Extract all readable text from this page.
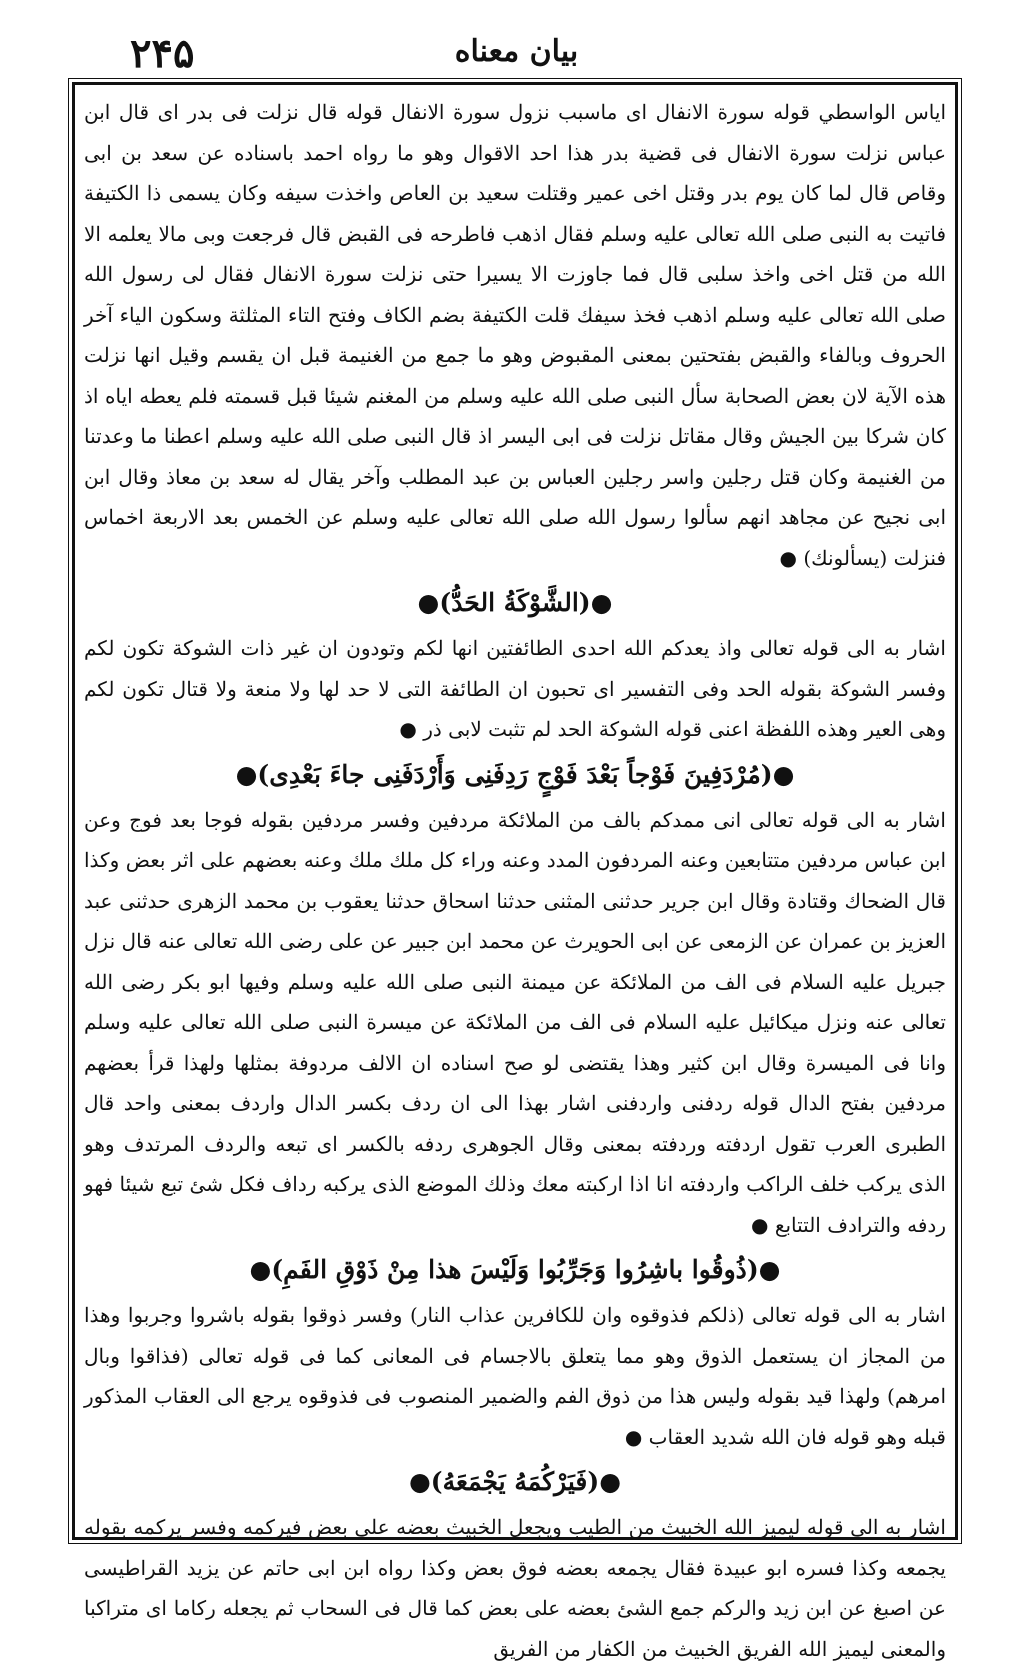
۲۴۵	بيان معناه

اياس الواسطي قوله سورة الانفال اى ماسبب نزول سورة الانفال قوله قال نزلت فى بدر اى قال ابن عباس نزلت سورة الانفال فى قضية بدر هذا احد الاقوال وهو ما رواه احمد باسناده عن سعد بن ابى وقاص قال لما كان يوم بدر وقتل اخى عمير وقتلت سعيد بن العاص واخذت سيفه وكان يسمى ذا الكتيفة فاتيت به النبى صلى الله تعالى عليه وسلم فقال اذهب فاطرحه فى القبض قال فرجعت وبى مالا يعلمه الا الله من قتل اخى واخذ سلبى قال فما جاوزت الا يسيرا حتى نزلت سورة الانفال فقال لى رسول الله صلى الله تعالى عليه وسلم اذهب فخذ سيفك قلت الكتيفة بضم الكاف وفتح التاء المثلثة وسكون الياء آخر الحروف وبالفاء والقبض بفتحتين بمعنى المقبوض وهو ما جمع من الغنيمة قبل ان يقسم وقيل انها نزلت هذه الآية لان بعض الصحابة سأل النبى صلى الله عليه وسلم من المغنم شيئا قبل قسمته فلم يعطه اياه اذ كان شركا بين الجيش وقال مقاتل نزلت فى ابى اليسر اذ قال النبى صلى الله عليه وسلم اعطنا ما وعدتنا من الغنيمة وكان قتل رجلين واسر رجلين العباس بن عبد المطلب وآخر يقال له سعد بن معاذ وقال ابن ابى نجيح عن مجاهد انهم سألوا رسول الله صلى الله تعالى عليه وسلم عن الخمس بعد الاربعة اخماس فنزلت (يسألونك) ●

●(الشَّوْكَةُ الحَدُّ)●

اشار به الى قوله تعالى واذ يعدكم الله احدى الطائفتين انها لكم وتودون ان غير ذات الشوكة تكون لكم وفسر الشوكة بقوله الحد وفى التفسير اى تحبون ان الطائفة التى لا حد لها ولا منعة ولا قتال تكون لكم وهى العير وهذه اللفظة اعنى قوله الشوكة الحد لم تثبت لابى ذر ●

●(مُرْدَفِينَ فَوْجاً بَعْدَ فَوْجٍ رَدِفَنِى وَأَرْدَفَنِى جاءَ بَعْدِى)●

اشار به الى قوله تعالى انى ممدكم بالف من الملائكة مردفين وفسر مردفين بقوله فوجا بعد فوج وعن ابن عباس مردفين متتابعين وعنه المردفون المدد وعنه وراء كل ملك ملك وعنه بعضهم على اثر بعض وكذا قال الضحاك وقتادة وقال ابن جرير حدثنى المثنى حدثنا اسحاق حدثنا يعقوب بن محمد الزهرى حدثنى عبد العزيز بن عمران عن الزمعى عن ابى الحويرث عن محمد ابن جبير عن على رضى الله تعالى عنه قال نزل جبريل عليه السلام فى الف من الملائكة عن ميمنة النبى صلى الله عليه وسلم وفيها ابو بكر رضى الله تعالى عنه ونزل ميكائيل عليه السلام فى الف من الملائكة عن ميسرة النبى صلى الله تعالى عليه وسلم وانا فى الميسرة وقال ابن كثير وهذا يقتضى لو صح اسناده ان الالف مردوفة بمثلها ولهذا قرأ بعضهم مردفين بفتح الدال قوله ردفنى واردفنى اشار بهذا الى ان ردف بكسر الدال واردف بمعنى واحد قال الطبرى العرب تقول اردفته وردفته بمعنى وقال الجوهرى ردفه بالكسر اى تبعه والردف المرتدف وهو الذى يركب خلف الراكب واردفته انا اذا اركبته معك وذلك الموضع الذى يركبه رداف فكل شئ تبع شيئا فهو ردفه والترادف التتابع ●

●(ذُوقُوا باشِرُوا وَجَرِّبُوا وَلَيْسَ هذا مِنْ ذَوْقِ الفَمِ)●

اشار به الى قوله تعالى (ذلكم فذوقوه وان للكافرين عذاب النار) وفسر ذوقوا بقوله باشروا وجربوا وهذا من المجاز ان يستعمل الذوق وهو مما يتعلق بالاجسام فى المعانى كما فى قوله تعالى (فذاقوا وبال امرهم) ولهذا قيد بقوله وليس هذا من ذوق الفم والضمير المنصوب فى فذوقوه يرجع الى العقاب المذكور قبله وهو قوله فان الله شديد العقاب ●

●(فَيَرْكُمَهُ يَجْمَعَهُ)●

اشار به الى قوله ليميز الله الخبيث من الطيب ويجعل الخبيث بعضه على بعض فيركمه وفسر يركمه بقوله يجمعه وكذا فسره ابو عبيدة فقال يجمعه بعضه فوق بعض وكذا رواه ابن ابى حاتم عن يزيد القراطيسى عن اصبغ عن ابن زيد والركم جمع الشئ بعضه على بعض كما قال فى السحاب ثم يجعله ركاما اى متراكبا والمعنى ليميز الله الفريق الخبيث من الكفار من الفريق
